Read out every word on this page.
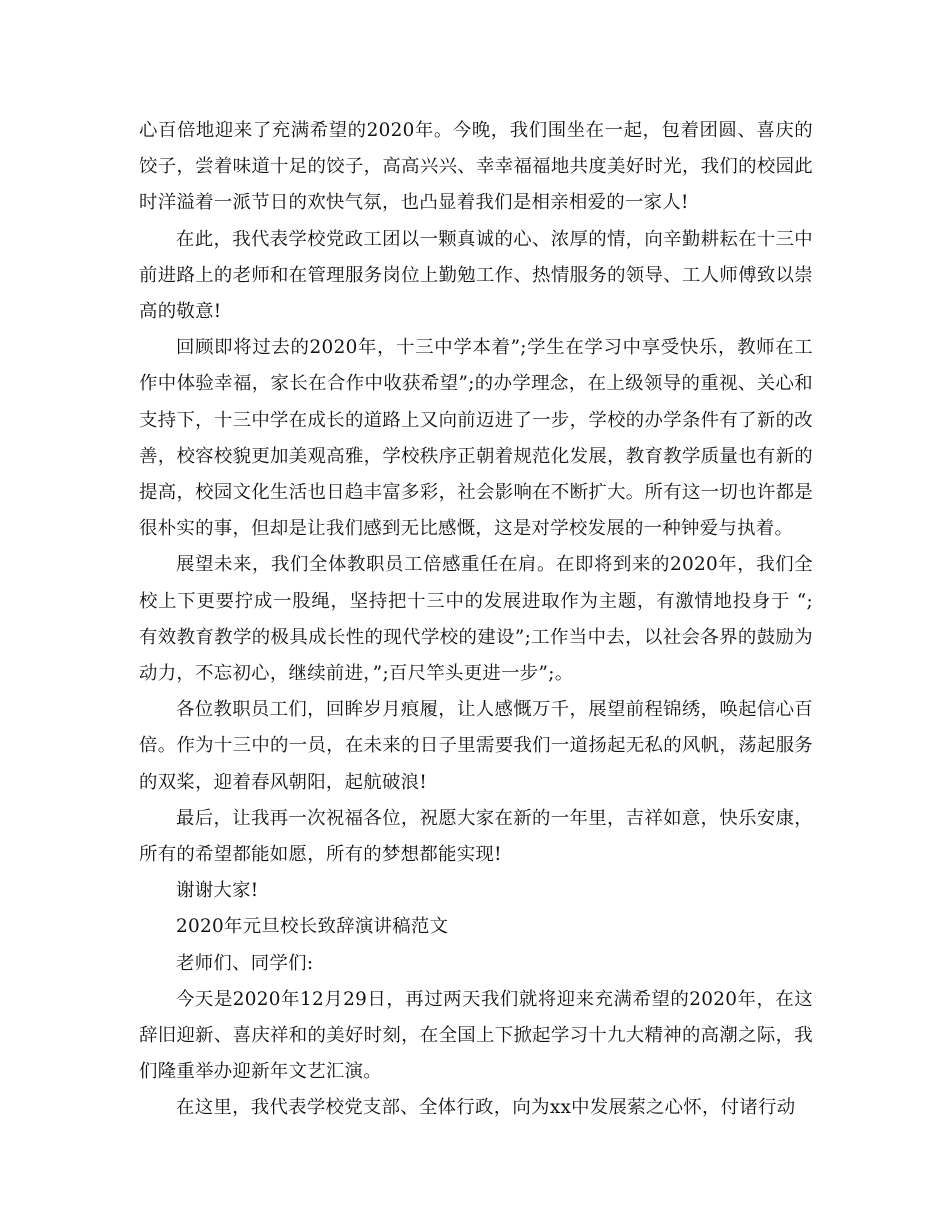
心百倍地迎来了充满希望的2020年。今晚，我们围坐在一起，包着团圆、喜庆的饺子，尝着味道十足的饺子，高高兴兴、幸幸福福地共度美好时光，我们的校园此时洋溢着一派节日的欢快气氛，也凸显着我们是相亲相爱的一家人!

在此，我代表学校党政工团以一颗真诚的心、浓厚的情，向辛勤耕耘在十三中前进路上的老师和在管理服务岗位上勤勉工作、热情服务的领导、工人师傅致以崇高的敬意!

回顾即将过去的2020年，十三中学本着”;学生在学习中享受快乐，教师在工作中体验幸福，家长在合作中收获希望”;的办学理念，在上级领导的重视、关心和支持下，十三中学在成长的道路上又向前迈进了一步，学校的办学条件有了新的改善，校容校貌更加美观高雅，学校秩序正朝着规范化发展，教育教学质量也有新的提高，校园文化生活也日趋丰富多彩，社会影响在不断扩大。所有这一切也许都是很朴实的事，但却是让我们感到无比感慨，这是对学校发展的一种钟爱与执着。

展望未来，我们全体教职员工倍感重任在肩。在即将到来的2020年，我们全校上下更要拧成一股绳，坚持把十三中的发展进取作为主题，有激情地投身于 “;有效教育教学的极具成长性的现代学校的建设”;工作当中去，以社会各界的鼓励为动力，不忘初心，继续前进，”;百尺竿头更进一步”;。

各位教职员工们，回眸岁月痕履，让人感慨万千，展望前程锦绣，唤起信心百倍。作为十三中的一员，在未来的日子里需要我们一道扬起无私的风帆，荡起服务的双桨，迎着春风朝阳，起航破浪!

最后，让我再一次祝福各位，祝愿大家在新的一年里，吉祥如意，快乐安康，所有的希望都能如愿，所有的梦想都能实现!

谢谢大家!

2020年元旦校长致辞演讲稿范文

老师们、同学们:

今天是2020年12月29日，再过两天我们就将迎来充满希望的2020年，在这辞旧迎新、喜庆祥和的美好时刻，在全国上下掀起学习十九大精神的高潮之际，我们隆重举办迎新年文艺汇演。

在这里，我代表学校党支部、全体行政，向为xx中发展萦之心怀，付诸行动
